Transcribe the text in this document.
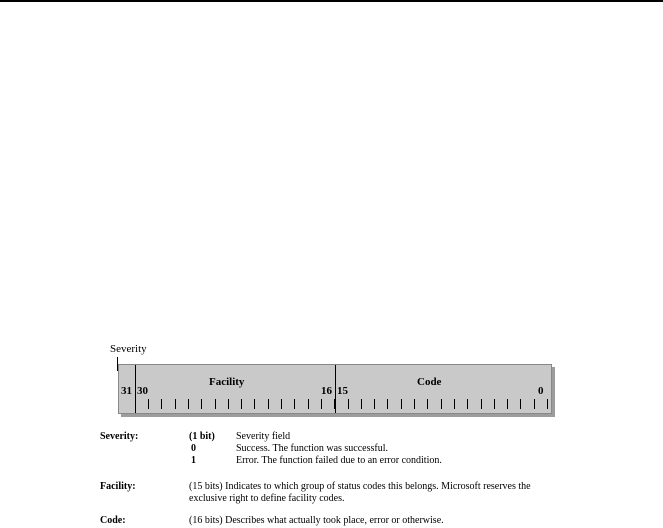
Severity
Facility	Code
31 30	16 15	0
Severity:	(1 bit) Severity field
0	Success. The function was successful.
1	Error. The function failed due to an error condition.
Facility:	(15 bits) Indicates to which group of status codes this belongs. Microsoft reserves the exclusive right to define facility codes.
Code:	(16 bits) Describes what actually took place, error or otherwise.
